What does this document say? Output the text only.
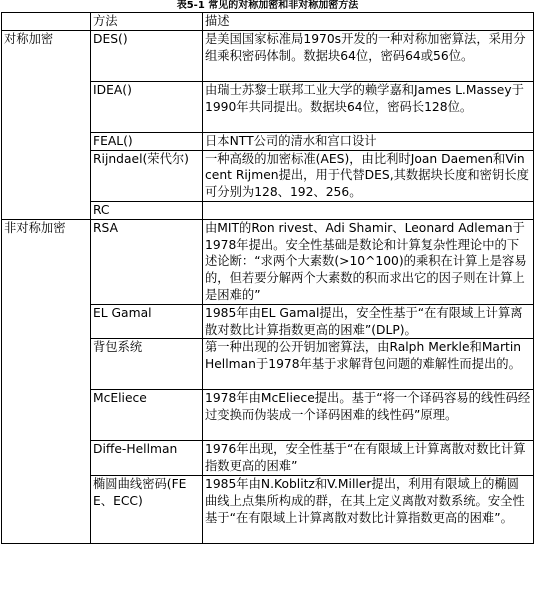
表5-1 常见的对称加密和非对称加密方法
	方法	描述
对称加密	DES()	是美国国家标准局1970s开发的一种对称加密算法，采用分组乘积密码体制。数据块64位，密码64或56位。
	IDEA()	由瑞士苏黎士联邦工业大学的赖学嘉和James L.Massey于1990年共同提出。数据块64位，密码长128位。
	FEAL()	日本NTT公司的清水和宫口设计
	Rijndael(荣代尔)	一种高级的加密标准(AES)，由比利时Joan Daemen和Vincent Rijmen提出，用于代替DES,其数据块长度和密钥长度可分别为128、192、256。
	RC	
非对称加密	RSA	由MIT的Ron rivest、Adi Shamir、Leonard Adleman于1978年提出。安全性基础是数论和计算复杂性理论中的下述论断：“求两个大素数(>10^100)的乘积在计算上是容易的，但若要分解两个大素数的积而求出它的因子则在计算上是困难的”
	EL Gamal	1985年由EL Gamal提出，安全性基于“在有限域上计算离散对数比计算指数更高的困难”(DLP)。
	背包系统	第一种出现的公开钥加密算法，由Ralph Merkle和Martin Hellman于1978年基于求解背包问题的难解性而提出的。
	McEliece	1978年由McEliece提出。基于“将一个译码容易的线性码经过变换而伪装成一个译码困难的线性码”原理。
	Diffe-Hellman	1976年出现，安全性基于“在有限域上计算离散对数比计算指数更高的困难”
	椭圆曲线密码(FEE、ECC)	1985年由N.Koblitz和V.Miller提出，利用有限域上的椭圆曲线上点集所构成的群，在其上定义离散对数系统。安全性基于“在有限域上计算离散对数比计算指数更高的困难”。
